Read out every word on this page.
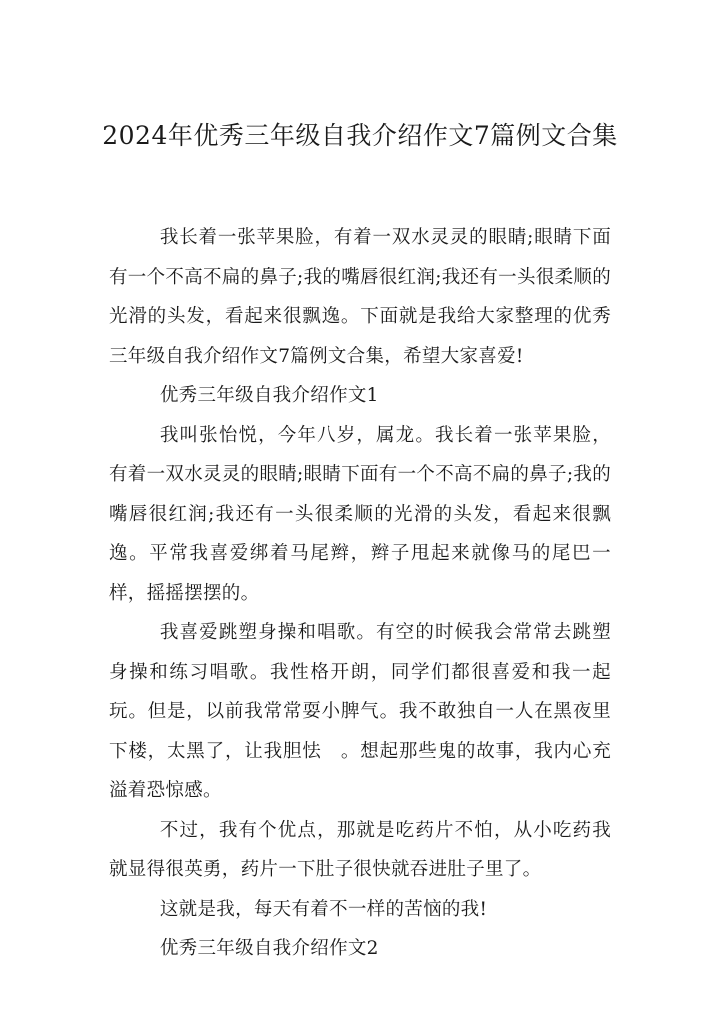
2024年优秀三年级自我介绍作文7篇例文合集

我长着一张苹果脸，有着一双水灵灵的眼睛;眼睛下面有一个不高不扁的鼻子;我的嘴唇很红润;我还有一头很柔顺的光滑的头发，看起来很飘逸。下面就是我给大家整理的优秀三年级自我介绍作文7篇例文合集，希望大家喜爱!

优秀三年级自我介绍作文1

我叫张怡悦，今年八岁，属龙。我长着一张苹果脸，有着一双水灵灵的眼睛;眼睛下面有一个不高不扁的鼻子;我的嘴唇很红润;我还有一头很柔顺的光滑的头发，看起来很飘逸。平常我喜爱绑着马尾辫，辫子甩起来就像马的尾巴一样，摇摇摆摆的。

我喜爱跳塑身操和唱歌。有空的时候我会常常去跳塑身操和练习唱歌。我性格开朗，同学们都很喜爱和我一起玩。但是，以前我常常耍小脾气。我不敢独自一人在黑夜里下楼，太黑了，让我胆怯　。想起那些鬼的故事，我内心充溢着恐惊感。

不过，我有个优点，那就是吃药片不怕，从小吃药我就显得很英勇，药片一下肚子很快就吞进肚子里了。

这就是我，每天有着不一样的苦恼的我!

优秀三年级自我介绍作文2
